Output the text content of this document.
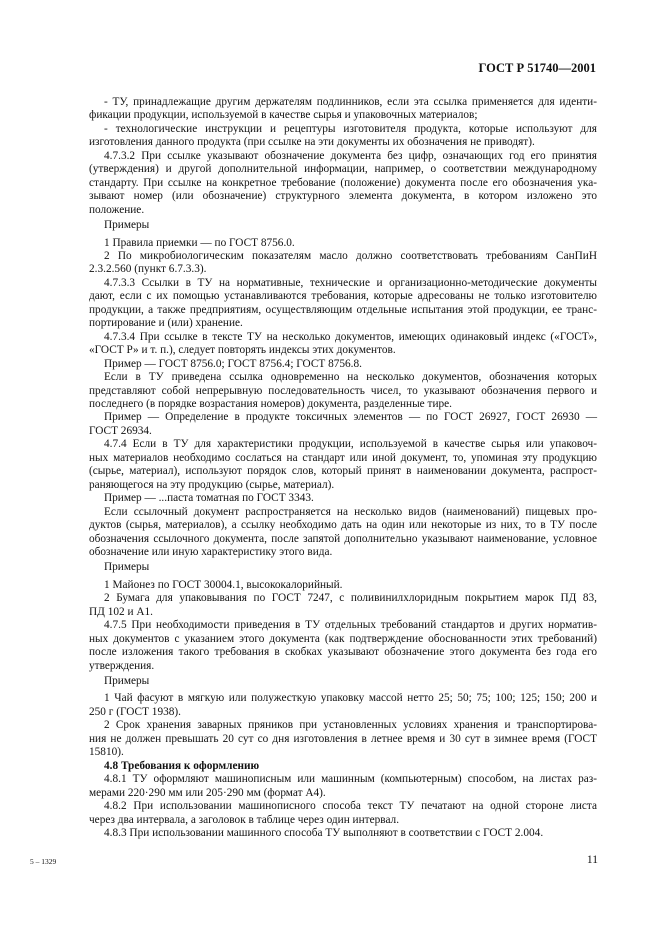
ГОСТ Р 51740—2001
- ТУ, принадлежащие другим держателям подлинников, если эта ссылка применяется для иденти-
фикации продукции, используемой в качестве сырья и упаковочных материалов;
- технологические инструкции и рецептуры изготовителя продукта, которые используют для
изготовления данного продукта (при ссылке на эти документы их обозначения не приводят).
4.7.3.2 При ссылке указывают обозначение документа без цифр, означающих год его принятия
(утверждения) и другой дополнительной информации, например, о соответствии международному
стандарту. При ссылке на конкретное требование (положение) документа после его обозначения ука-
зывают номер (или обозначение) структурного элемента документа, в котором изложено это
положение.
Примеры
1 Правила приемки — по ГОСТ 8756.0.
2 По микробиологическим показателям масло должно соответствовать требованиям СанПиН
2.3.2.560 (пункт 6.7.3.3).
4.7.3.3 Ссылки в ТУ на нормативные, технические и организационно-методические документы
дают, если с их помощью устанавливаются требования, которые адресованы не только изготовителю
продукции, а также предприятиям, осуществляющим отдельные испытания этой продукции, ее транс-
портирование и (или) хранение.
4.7.3.4 При ссылке в тексте ТУ на несколько документов, имеющих одинаковый индекс («ГОСТ»,
«ГОСТ Р» и т. п.), следует повторять индексы этих документов.
Пример — ГОСТ 8756.0; ГОСТ 8756.4; ГОСТ 8756.8.
Если в ТУ приведена ссылка одновременно на несколько документов, обозначения которых
представляют собой непрерывную последовательность чисел, то указывают обозначения первого и
последнего (в порядке возрастания номеров) документа, разделенные тире.
Пример — Определение в продукте токсичных элементов — по ГОСТ 26927, ГОСТ 26930 —
ГОСТ 26934.
4.7.4 Если в ТУ для характеристики продукции, используемой в качестве сырья или упаковоч-
ных материалов необходимо сослаться на стандарт или иной документ, то, упоминая эту продукцию
(сырье, материал), используют порядок слов, который принят в наименовании документа, распрост-
раняющегося на эту продукцию (сырье, материал).
Пример — ...паста томатная по ГОСТ 3343.
Если ссылочный документ распространяется на несколько видов (наименований) пищевых про-
дуктов (сырья, материалов), а ссылку необходимо дать на один или некоторые из них, то в ТУ после
обозначения ссылочного документа, после запятой дополнительно указывают наименование, условное
обозначение или иную характеристику этого вида.
Примеры
1 Майонез по ГОСТ 30004.1, высококалорийный.
2 Бумага для упаковывания по ГОСТ 7247, с поливинилхлоридным покрытием марок ПД 83,
ПД 102 и А1.
4.7.5 При необходимости приведения в ТУ отдельных требований стандартов и других норматив-
ных документов с указанием этого документа (как подтверждение обоснованности этих требований)
после изложения такого требования в скобках указывают обозначение этого документа без года его
утверждения.
Примеры
1 Чай фасуют в мягкую или полужесткую упаковку массой нетто 25; 50; 75; 100; 125; 150; 200 и
250 г (ГОСТ 1938).
2 Срок хранения заварных пряников при установленных условиях хранения и транспортирова-
ния не должен превышать 20 сут со дня изготовления в летнее время и 30 сут в зимнее время (ГОСТ
15810).
4.8 Требования к оформлению
4.8.1 ТУ оформляют машинописным или машинным (компьютерным) способом, на листах раз-
мерами 220·290 мм или 205·290 мм (формат А4).
4.8.2 При использовании машинописного способа текст ТУ печатают на одной стороне листа
через два интервала, а заголовок в таблице через один интервал.
4.8.3 При использовании машинного способа ТУ выполняют в соответствии с ГОСТ 2.004.
5 – 1329	11
